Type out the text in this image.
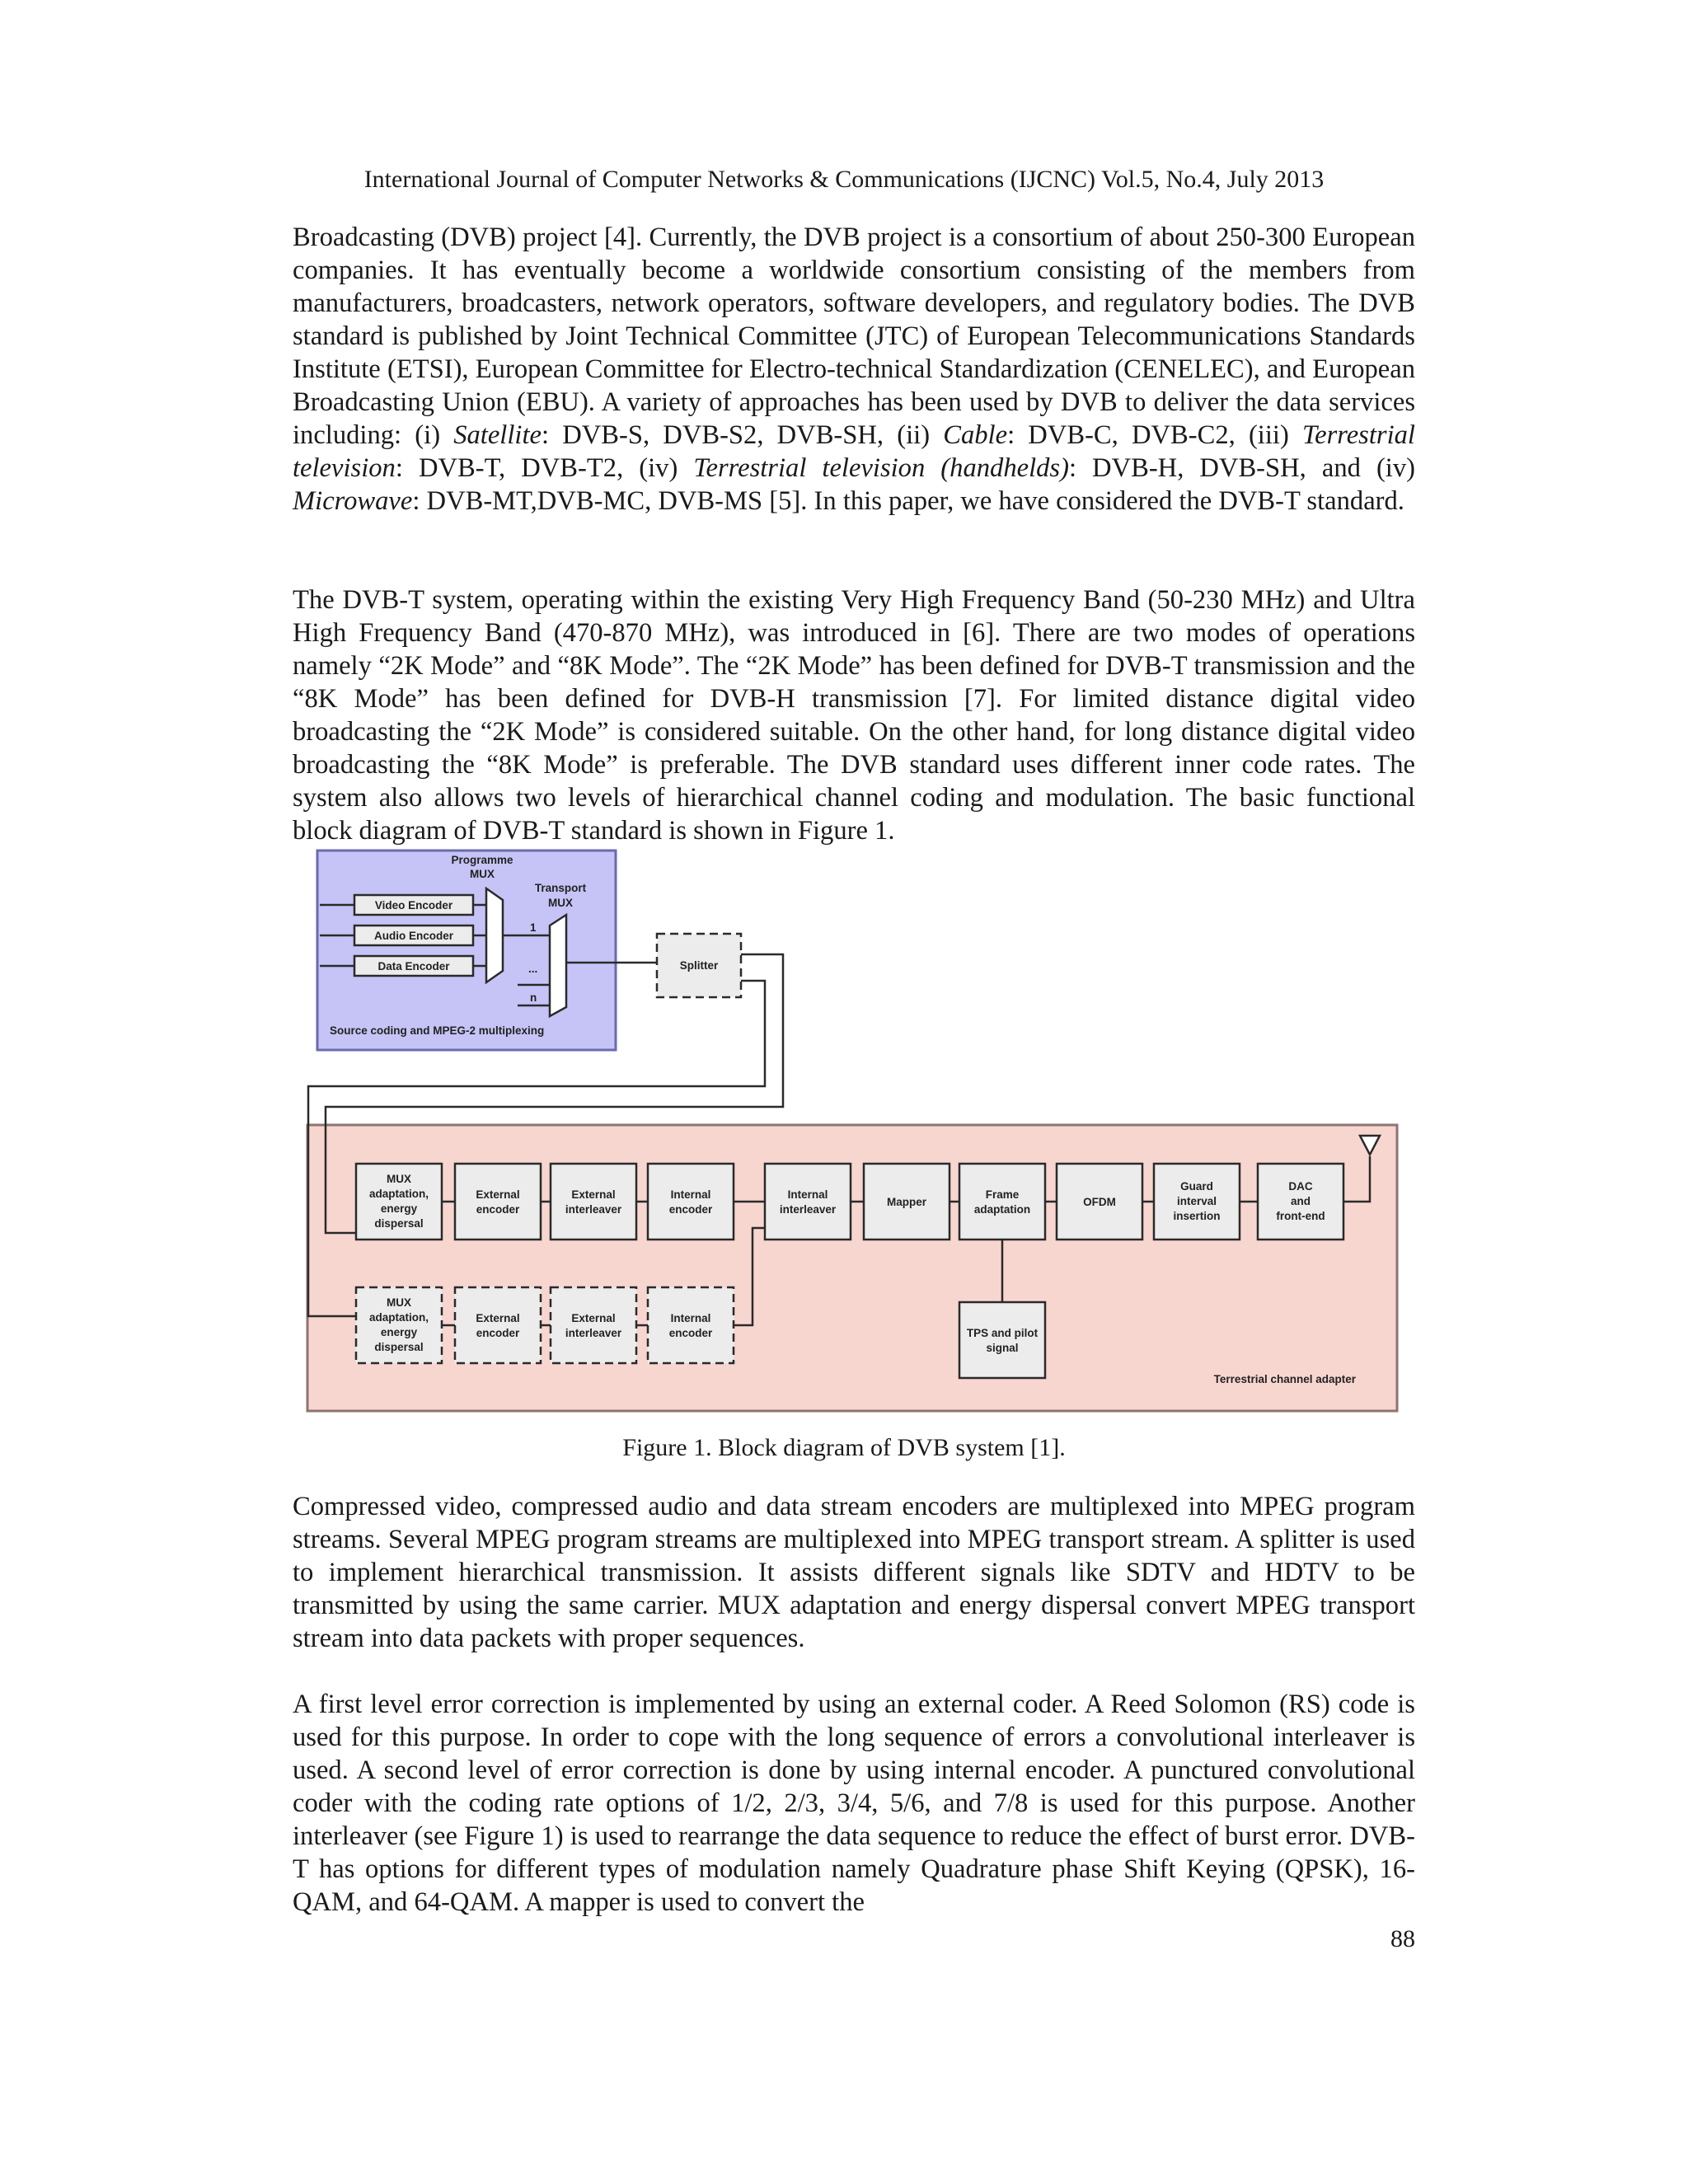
International Journal of Computer Networks & Communications (IJCNC) Vol.5, No.4, July 2013

Broadcasting (DVB) project [4]. Currently, the DVB project is a consortium of about 250-300 European companies. It has eventually become a worldwide consortium consisting of the members from manufacturers, broadcasters, network operators, software developers, and regulatory bodies. The DVB standard is published by Joint Technical Committee (JTC) of European Telecommunications Standards Institute (ETSI), European Committee for Electro-technical Standardization (CENELEC), and European Broadcasting Union (EBU). A variety of approaches has been used by DVB to deliver the data services including: (i) Satellite: DVB-S, DVB-S2, DVB-SH, (ii) Cable: DVB-C, DVB-C2, (iii) Terrestrial television: DVB-T, DVB-T2, (iv) Terrestrial television (handhelds): DVB-H, DVB-SH, and (iv) Microwave: DVB-MT,DVB-MC, DVB-MS [5]. In this paper, we have considered the DVB-T standard.

The DVB-T system, operating within the existing Very High Frequency Band (50-230 MHz) and Ultra High Frequency Band (470-870 MHz), was introduced in [6]. There are two modes of operations namely “2K Mode” and “8K Mode”. The “2K Mode” has been defined for DVB-T transmission and the “8K Mode” has been defined for DVB-H transmission [7]. For limited distance digital video broadcasting the “2K Mode” is considered suitable. On the other hand, for long distance digital video broadcasting the “8K Mode” is preferable. The DVB standard uses different inner code rates. The system also allows two levels of hierarchical channel coding and modulation. The basic functional block diagram of DVB-T standard is shown in Figure 1.

Programme
MUX
Transport
MUX
Video Encoder
Audio Encoder
Data Encoder
1
...
n
Source coding and MPEG-2 multiplexing
Splitter
MUX
adaptation,
energy
dispersal
External
encoder
External
interleaver
Internal
encoder
Internal
interleaver
Mapper
Frame
adaptation
OFDM
Guard
interval
insertion
DAC
and
front-end
MUX
adaptation,
energy
dispersal
External
encoder
External
interleaver
Internal
encoder	TPS and pilot
signal
Terrestrial channel adapter
Figure 1. Block diagram of DVB system [1].

Compressed video, compressed audio and data stream encoders are multiplexed into MPEG program streams. Several MPEG program streams are multiplexed into MPEG transport stream. A splitter is used to implement hierarchical transmission. It assists different signals like SDTV and HDTV to be transmitted by using the same carrier. MUX adaptation and energy dispersal convert MPEG transport stream into data packets with proper sequences.

A first level error correction is implemented by using an external coder. A Reed Solomon (RS) code is used for this purpose. In order to cope with the long sequence of errors a convolutional interleaver is used. A second level of error correction is done by using internal encoder. A punctured convolutional coder with the coding rate options of 1/2, 2/3, 3/4, 5/6, and 7/8 is used for this purpose. Another interleaver (see Figure 1) is used to rearrange the data sequence to reduce the effect of burst error. DVB-T has options for different types of modulation namely Quadrature phase Shift Keying (QPSK), 16-QAM, and 64-QAM. A mapper is used to convert the

88
